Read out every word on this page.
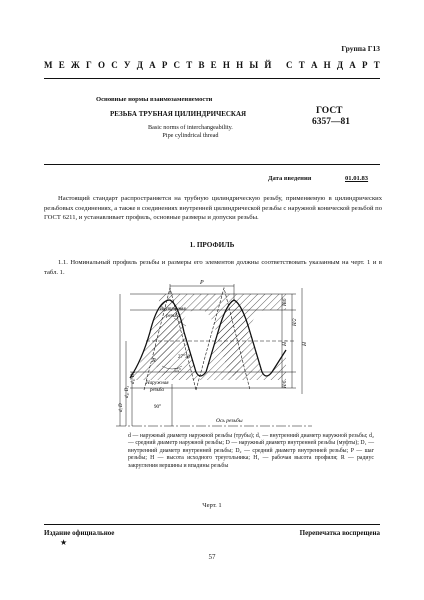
Группа Г13
М Е Ж Г О С У Д А Р С Т В Е Н Н Ы Й
С Т А Н Д А Р Т
Основные нормы взаимозаменяемости
РЕЗЬБА ТРУБНАЯ ЦИЛИНДРИЧЕСКАЯ
Basic norms of interchangeability.
Pipe cylindrical thread
ГОСТ
6357—81
Дата введения	01.01.83

Настоящий стандарт распространяется на трубную цилиндрическую резьбу, применяемую в цилиндрических резьбовых соединениях, а также в соединениях внутренней цилиндрической резьбы с наружной конической резьбой по ГОСТ 6211, и устанавливает профиль, основные размеры и допуски резьбы.

1. ПРОФИЛЬ

1.1. Номинальный профиль резьбы и размеры его элементов должны соответствовать указанным на черт. 1 и в табл. 1.

P
H/6
H/2
H₁	H
H/6
d, D
d₂, D₂
d₁, D₁
90°
Ось резьбы
Внутренняя
резьба
Наружная
резьба
R
27°30'
55°
d — наружный диаметр наружной резьбы (трубы); d₁ — внутренний диаметр наружной резьбы; d₂ — средний диаметр наружной резьбы; D — наружный диаметр внутренней резьбы (муфты); D₁ — внутренний диаметр внутренней резьбы; D₂ — средний диаметр внутренней резьбы; P — шаг резьбы; H — высота исходного треугольника; H₁ — рабочая высота профиля; R — радиус закругления вершины и впадины резьбы
Черт. 1
Издание официальное	Перепечатка воспрещена
★
57
